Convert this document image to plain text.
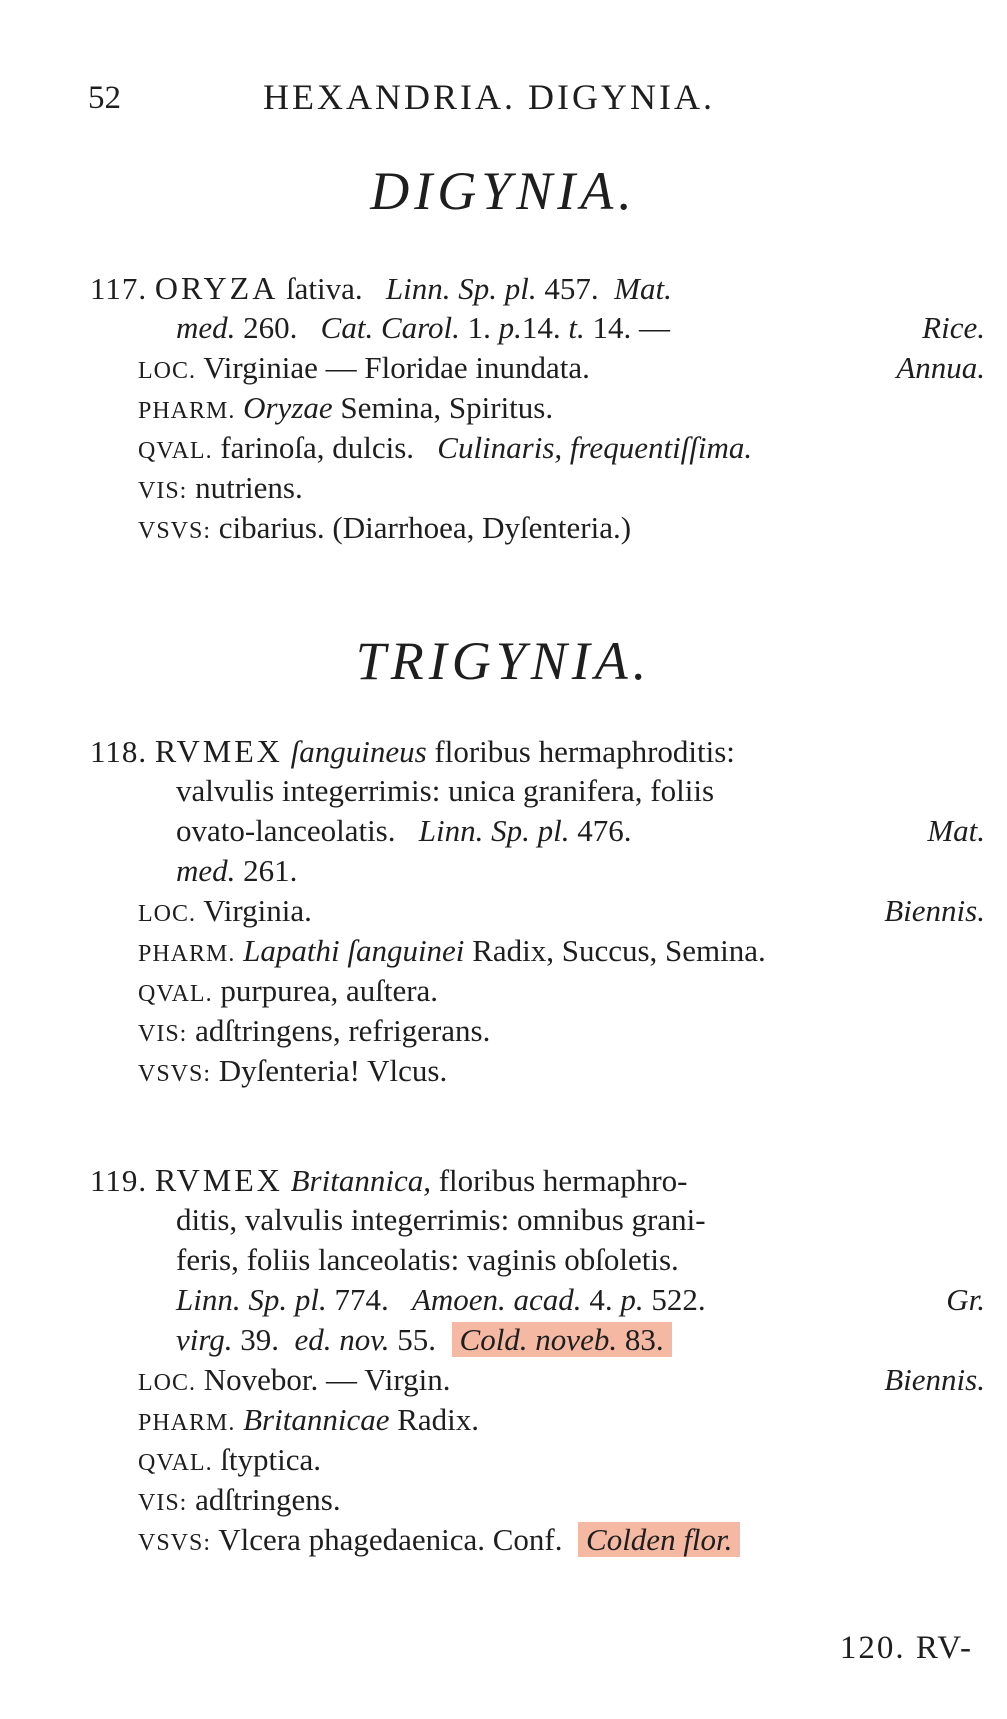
52	HEXANDRIA. DIGYNIA.
DIGYNIA.
117. ORYZA ſativa. Linn. Sp. pl. 457. Mat.
med. 260. Cat. Carol. 1. p.14. t. 14. —	Rice.
LOC. Virginiae — Floridae inundata.	Annua.
PHARM. Oryzae Semina, Spiritus.
QVAL. farinoſa, dulcis. Culinaris, frequentiſſima.
VIS: nutriens.
VSVS: cibarius. (Diarrhoea, Dyſenteria.)
TRIGYNIA.
118. RVMEX ſanguineus floribus hermaphroditis:
valvulis integerrimis: unica granifera, foliis
ovato-lanceolatis. Linn. Sp. pl. 476.	Mat.
med. 261.
LOC. Virginia.	Biennis.
PHARM. Lapathi ſanguinei Radix, Succus, Semina.
QVAL. purpurea, auſtera.
VIS: adſtringens, refrigerans.
VSVS: Dyſenteria! Vlcus.
119. RVMEX Britannica, floribus hermaphro-
ditis, valvulis integerrimis: omnibus grani-
feris, foliis lanceolatis: vaginis obſoletis.
Linn. Sp. pl. 774. Amoen. acad. 4. p. 522.	Gr.
virg. 39. ed. nov. 55. Cold. noveb. 83.
LOC. Novebor. — Virgin.	Biennis.
PHARM. Britannicae Radix.
QVAL. ſtyptica.
VIS: adſtringens.
VSVS: Vlcera phagedaenica. Conf. Colden flor.
120. RV-
